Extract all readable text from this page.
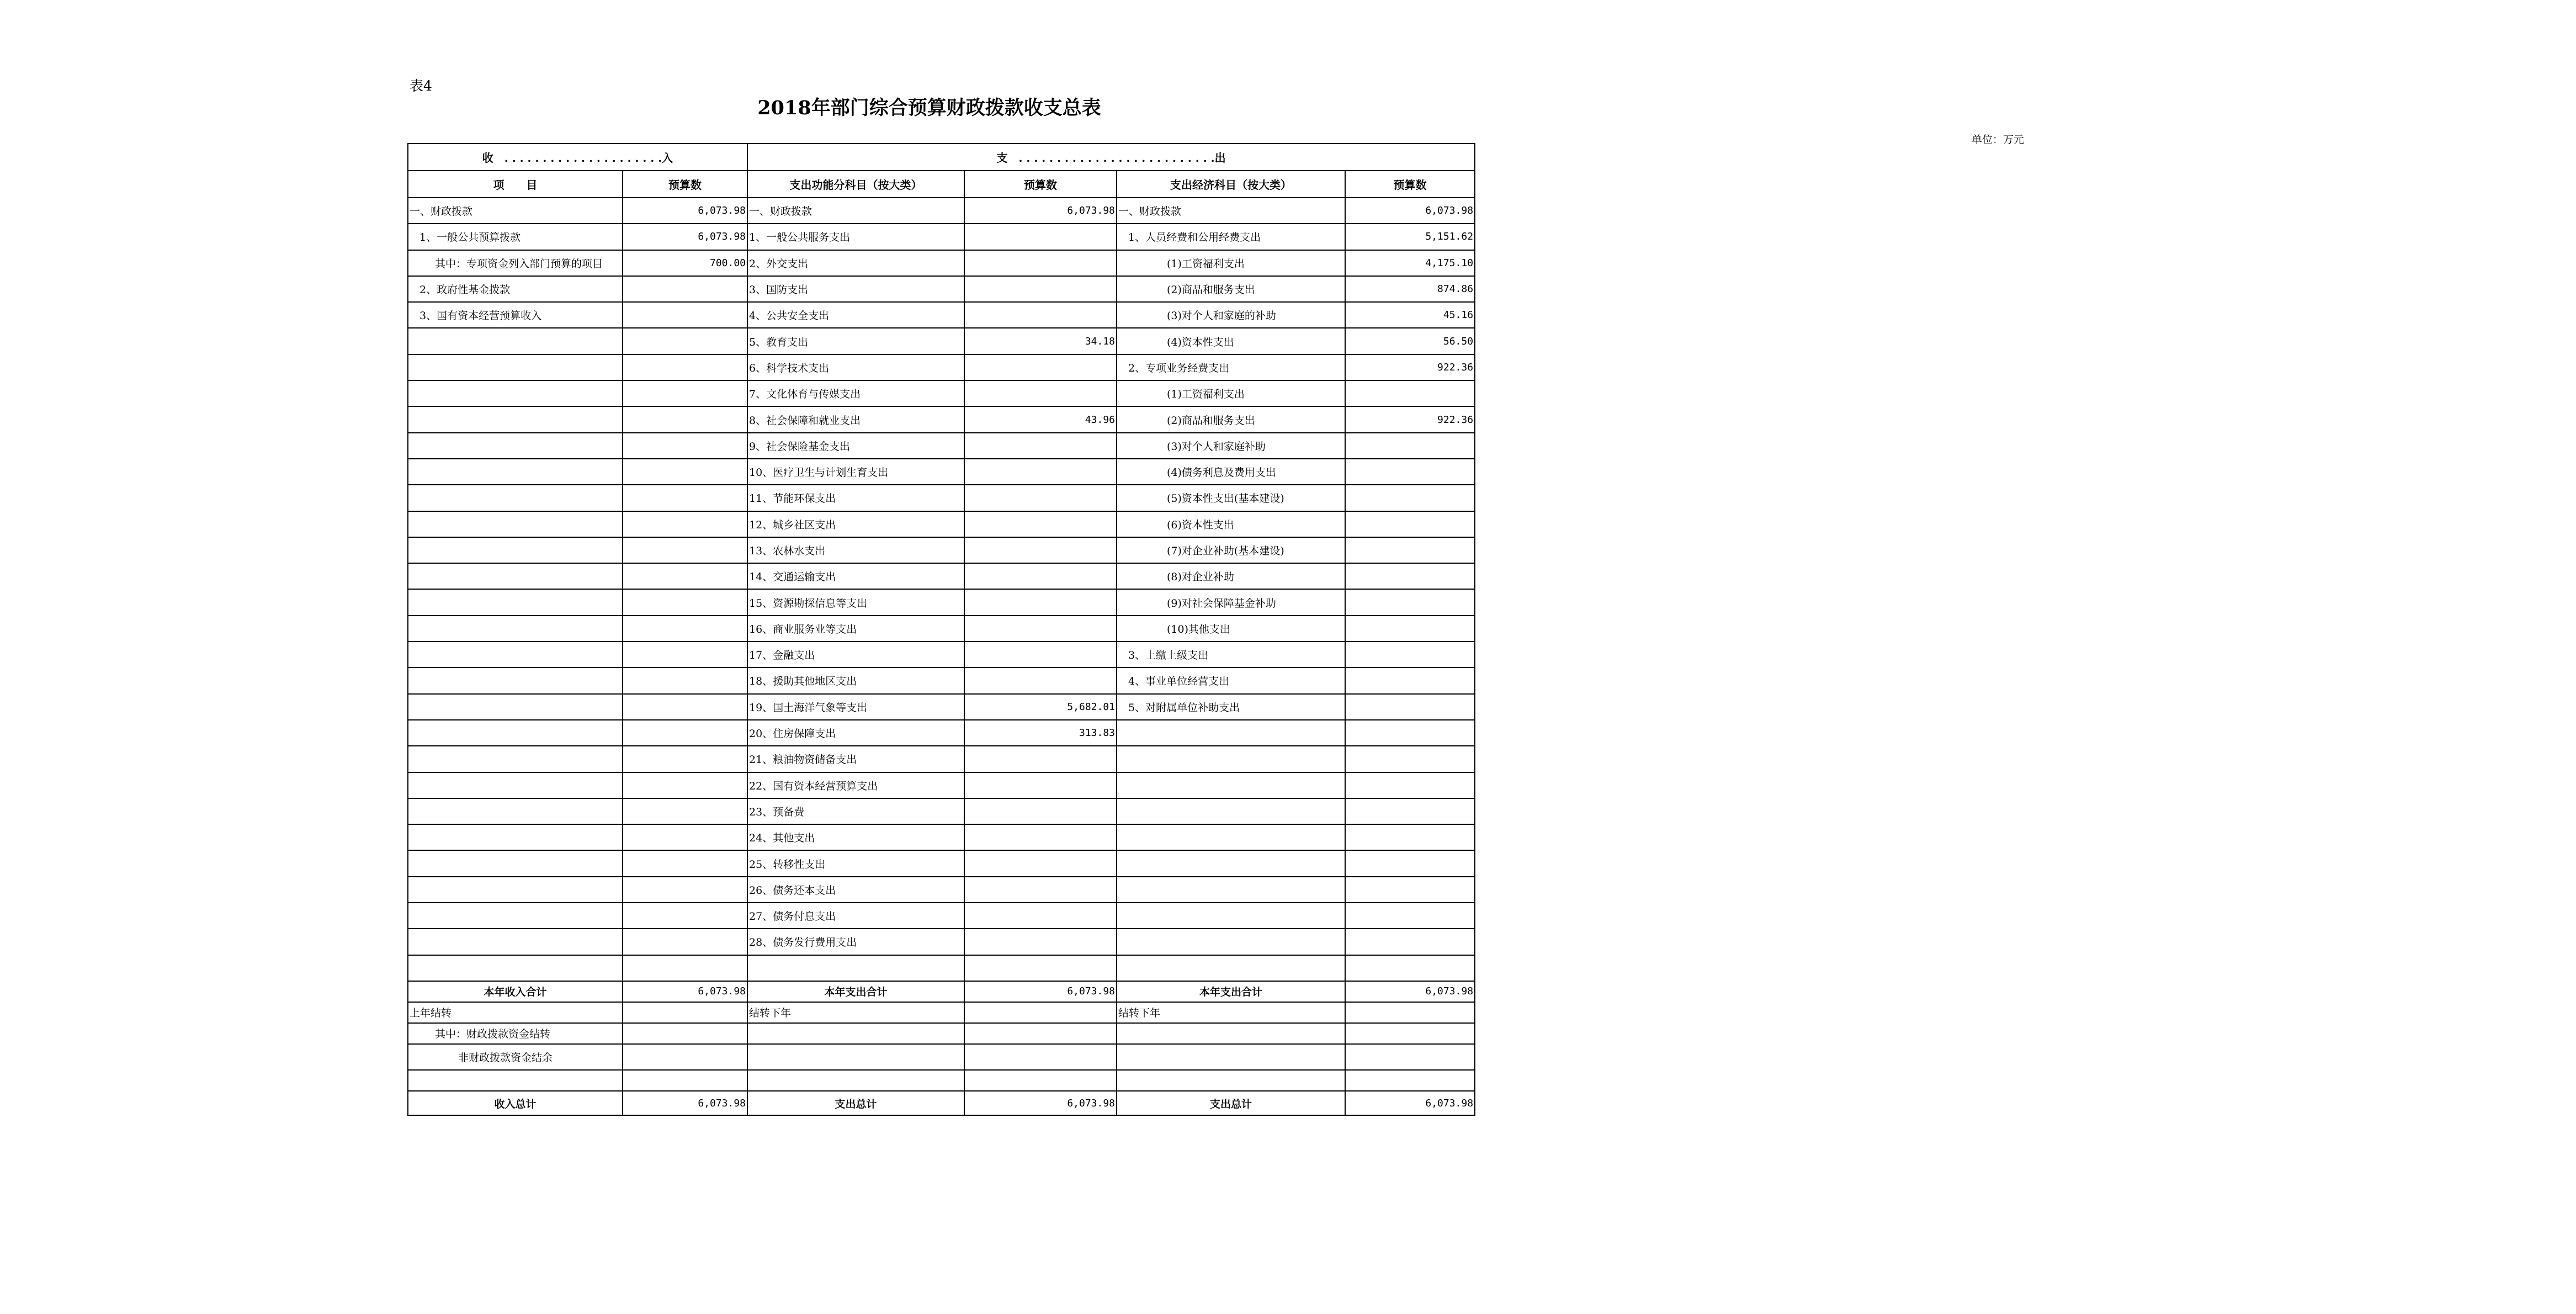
表4
2018年部门综合预算财政拨款收支总表
单位：万元
收　. . . . . . . . . . . . . . . . . . . . .入		支　. . . . . . . . . . . . . . . . . . . . . . . . . .出			
项　　目	预算数	支出功能分科目（按大类）	预算数	支出经济科目（按大类）	预算数
一、财政拨款	6,073.98	一、财政拨款	6,073.98	一、财政拨款	6,073.98
1、一般公共预算拨款	6,073.98	1、一般公共服务支出		1、人员经费和公用经费支出	5,151.62
其中：专项资金列入部门预算的项目	700.00	2、外交支出		(1)工资福利支出	4,175.10
2、政府性基金拨款		3、国防支出		(2)商品和服务支出	874.86
3、国有资本经营预算收入		4、公共安全支出		(3)对个人和家庭的补助	45.16
		5、教育支出	34.18	(4)资本性支出	56.50
		6、科学技术支出		2、专项业务经费支出	922.36
		7、文化体育与传媒支出		(1)工资福利支出	
		8、社会保障和就业支出	43.96	(2)商品和服务支出	922.36
		9、社会保险基金支出		(3)对个人和家庭补助	
		10、医疗卫生与计划生育支出		(4)债务利息及费用支出	
		11、节能环保支出		(5)资本性支出(基本建设)	
		12、城乡社区支出		(6)资本性支出	
		13、农林水支出		(7)对企业补助(基本建设)	
		14、交通运输支出		(8)对企业补助	
		15、资源勘探信息等支出		(9)对社会保障基金补助	
		16、商业服务业等支出		(10)其他支出	
		17、金融支出		3、上缴上级支出	
		18、援助其他地区支出		4、事业单位经营支出	
		19、国土海洋气象等支出	5,682.01	5、对附属单位补助支出	
		20、住房保障支出	313.83		
		21、粮油物资储备支出			
		22、国有资本经营预算支出			
		23、预备费			
		24、其他支出			
		25、转移性支出			
		26、债务还本支出			
		27、债务付息支出			
		28、债务发行费用支出			

本年收入合计	6,073.98	本年支出合计	6,073.98	本年支出合计	6,073.98
上年结转		结转下年		结转下年	
其中：财政拨款资金结转					
非财政拨款资金结余					

收入总计	6,073.98	支出总计	6,073.98	支出总计	6,073.98
